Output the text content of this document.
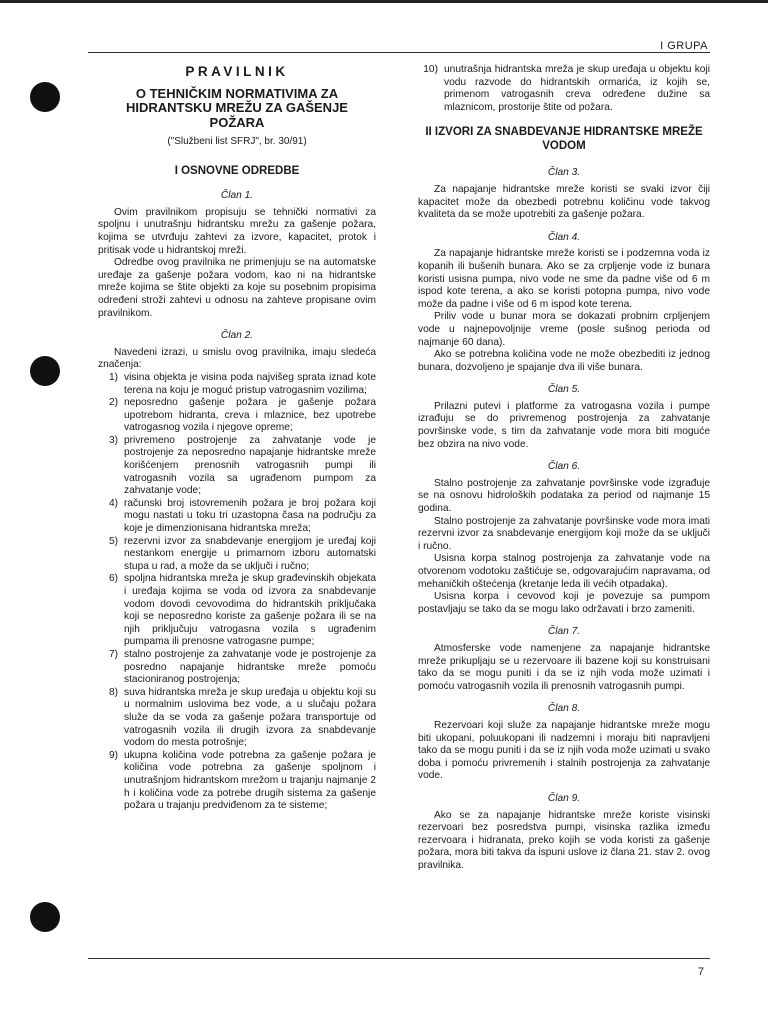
I GRUPA
PRAVILNIK
O TEHNIČKIM NORMATIVIMA ZA HIDRANTSKU MREŽU ZA GAŠENJE POŽARA
("Službeni list SFRJ", br. 30/91)
I OSNOVNE ODREDBE
Član 1.

Ovim pravilnikom propisuju se tehnički normativi za spoljnu i unutrašnju hidrantsku mrežu za gašenje požara, kojima se utvrđuju zahtevi za izvore, kapacitet, protok i pritisak vode u hidrantskoj mreži.

Odredbe ovog pravilnika ne primenjuju se na automatske uređaje za gašenje požara vodom, kao ni na hidrantske mreže kojima se štite objekti za koje su posebnim propisima određeni stroži zahtevi u odnosu na zahteve propisane ovim pravilnikom.

Član 2.

Navedeni izrazi, u smislu ovog pravilnika, imaju sledeća značenja:

1) visina objekta je visina poda najvišeg sprata iznad kote terena na koju je moguć pristup vatrogasnim vozilima;
2) neposredno gašenje požara je gašenje požara upotrebom hidranta, creva i mlaznice, bez upotrebe vatrogasnog vozila i njegove opreme;
3) privremeno postrojenje za zahvatanje vode je postrojenje za neposredno napajanje hidrantske mreže korišćenjem prenosnih vatrogasnih pumpi ili vatrogasnih vozila sa ugrađenom pumpom za zahvatanje vode;
4) računski broj istovremenih požara je broj požara koji mogu nastati u toku tri uzastopna časa na području za koje je dimenzionisana hidrantska mreža;
5) rezervni izvor za snabdevanje energijom je uređaj koji nestankom energije u primarnom izboru automatski stupa u rad, a može da se uključi i ručno;
6) spoljna hidrantska mreža je skup građevinskih objekata i uređaja kojima se voda od izvora za snabdevanje vodom dovodi cevovodima do hidrantskih priključaka koji se neposredno koriste za gašenje požara ili se na njih priključuju vatrogasna vozila s ugrađenim pumpama ili prenosne vatrogasne pumpe;
7) stalno postrojenje za zahvatanje vode je postrojenje za posredno napajanje hidrantske mreže pomoću stacioniranog postrojenja;
8) suva hidrantska mreža je skup uređaja u objektu koji su u normalnim uslovima bez vode, a u slučaju požara služe da se voda za gašenje požara transportuje od vatrogasnih vozila ili drugih izvora za snabdevanje vodom do mesta potrošnje;
9) ukupna količina vode potrebna za gašenje požara je količina vode potrebna za gašenje spoljnom i unutrašnjom hidrantskom mrežom u trajanju najmanje 2 h i količina vode za potrebe drugih sistema za gašenje požara u trajanju predviđenom za te sisteme;
10) unutrašnja hidrantska mreža je skup uređaja u objektu koji vodu razvode do hidrantskih ormarića, iz kojih se, primenom vatrogasnih creva određene dužine sa mlaznicom, prostorije štite od požara.
II IZVORI ZA SNABDEVANJE HIDRANTSKE MREŽE VODOM
Član 3.

Za napajanje hidrantske mreže koristi se svaki izvor čiji kapacitet može da obezbedi potrebnu količinu vode takvog kvaliteta da se može upotrebiti za gašenje požara.

Član 4.

Za napajanje hidrantske mreže koristi se i podzemna voda iz kopanih ili bušenih bunara. Ako se za crpljenje vode iz bunara koristi usisna pumpa, nivo vode ne sme da padne više od 6 m ispod kote terena, a ako se koristi potopna pumpa, nivo vode može da padne i više od 6 m ispod kote terena.

Priliv vode u bunar mora se dokazati probnim crpljenjem vode u najnepovoljnije vreme (posle sušnog perioda od najmanje 60 dana).

Ako se potrebna količina vode ne može obezbediti iz jednog bunara, dozvoljeno je spajanje dva ili više bunara.

Član 5.

Prilazni putevi i platforme za vatrogasna vozila i pumpe izrađuju se do privremenog postrojenja za zahvatanje površinske vode, s tim da zahvatanje vode mora biti moguće bez obzira na nivo vode.

Član 6.

Stalno postrojenje za zahvatanje površinske vode izgrađuje se na osnovu hidroloških podataka za period od najmanje 15 godina.

Stalno postrojenje za zahvatanje površinske vode mora imati rezervni izvor za snabdevanje energijom koji može da se uključi i ručno.

Usisna korpa stalnog postrojenja za zahvatanje vode na otvorenom vodotoku zaštićuje se, odgovarajućim napravama, od mehaničkih oštećenja (kretanje leda ili većih otpadaka).

Usisna korpa i cevovod koji je povezuje sa pumpom postavljaju se tako da se mogu lako održavati i brzo zameniti.

Član 7.

Atmosferske vode namenjene za napajanje hidrantske mreže prikupljaju se u rezervoare ili bazene koji su konstruisani tako da se mogu puniti i da se iz njih voda može uzimati i pomoću vatrogasnih vozila ili prenosnih vatrogasnih pumpi.

Član 8.

Rezervoari koji služe za napajanje hidrantske mreže mogu biti ukopani, poluukopani ili nadzemni i moraju biti napravljeni tako da se mogu puniti i da se iz njih voda može uzimati u svako doba i pomoću privremenih i stalnih postrojenja za zahvatanje vode.

Član 9.

Ako se za napajanje hidrantske mreže koriste visinski rezervoari bez posredstva pumpi, visinska razlika između rezervoara i hidranata, preko kojih se voda koristi za gašenje požara, mora biti takva da ispuni uslove iz člana 21. stav 2. ovog pravilnika.

7
